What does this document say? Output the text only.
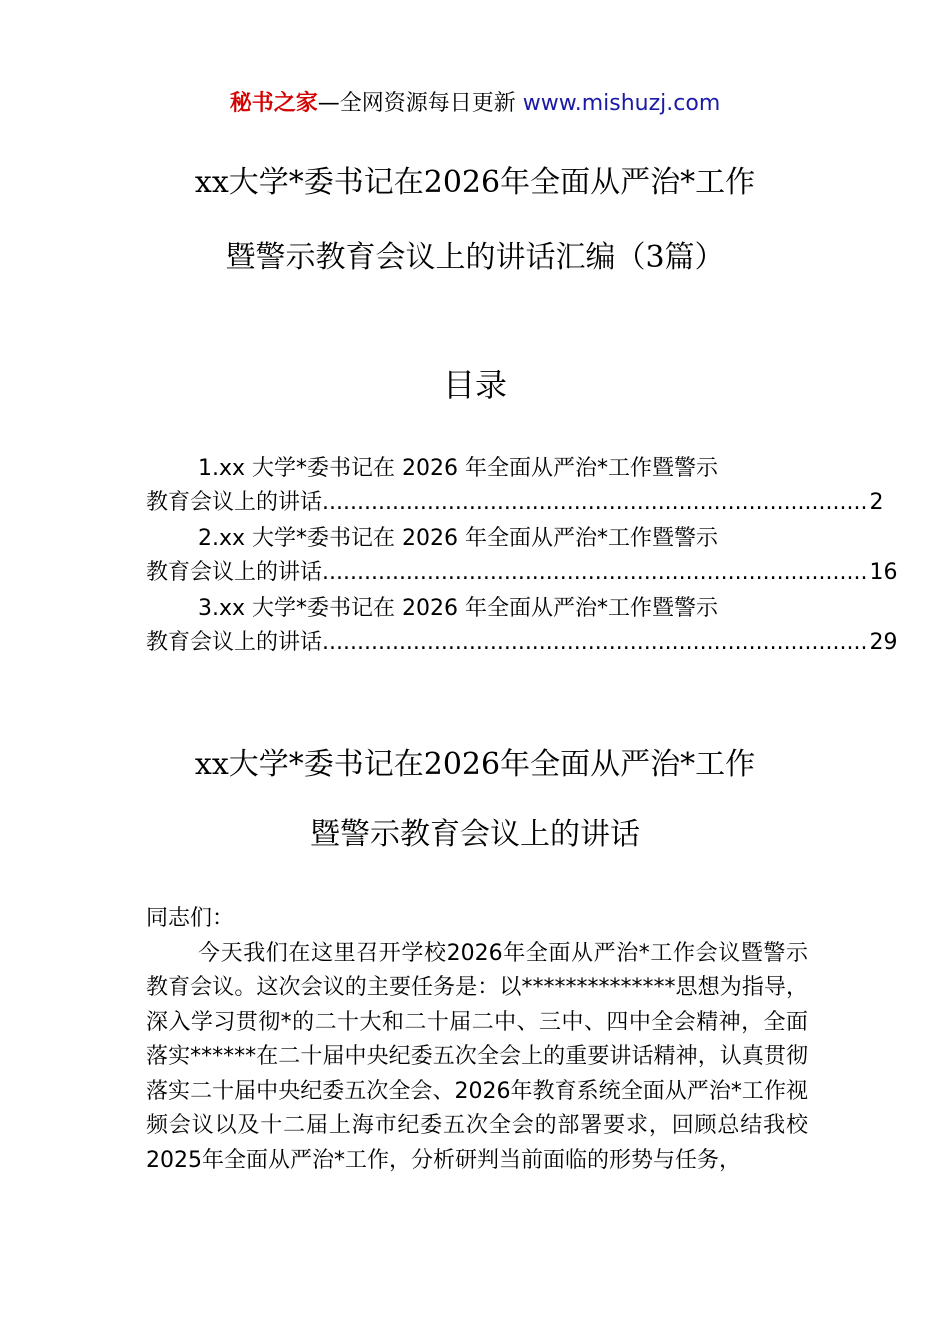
秘书之家—全网资源每日更新 www.mishuzj.com
xx大学*委书记在2026年全面从严治*工作
暨警示教育会议上的讲话汇编（3篇）
目录
1.xx 大学*委书记在 2026 年全面从严治*工作暨警示
教育会议上的讲话 .............................................................................. 2
2.xx 大学*委书记在 2026 年全面从严治*工作暨警示
教育会议上的讲话 .............................................................................. 16
3.xx 大学*委书记在 2026 年全面从严治*工作暨警示
教育会议上的讲话 .............................................................................. 29
xx大学*委书记在2026年全面从严治*工作
暨警示教育会议上的讲话

同志们：

今天我们在这里召开学校2026年全面从严治*工作会议暨警示教育会议。这次会议的主要任务是：以**************思想为指导，深入学习贯彻*的二十大和二十届二中、三中、四中全会精神，全面落实******在二十届中央纪委五次全会上的重要讲话精神，认真贯彻落实二十届中央纪委五次全会、2026年教育系统全面从严治*工作视频会议以及十二届上海市纪委五次全会的部署要求，回顾总结我校2025年全面从严治*工作，分析研判当前面临的形势与任务，
